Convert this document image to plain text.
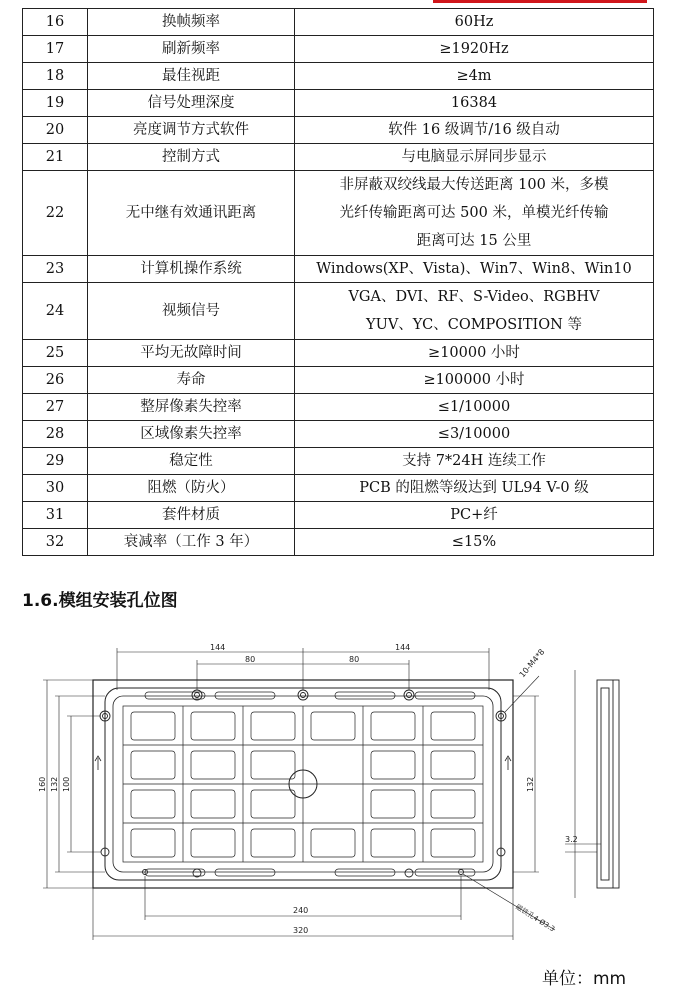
16	换帧频率	60Hz
17	刷新频率	≥1920Hz
18	最佳视距	≥4m
19	信号处理深度	16384
20	亮度调节方式软件	软件 16 级调节/16 级自动
21	控制方式	与电脑显示屏同步显示
22	无中继有效通讯距离	非屏蔽双绞线最大传送距离 100 米，多模
光纤传输距离可达 500 米，单模光纤传输
距离可达 15 公里

23	计算机操作系统	Windows(XP、Vista)、Win7、Win8、Win10
24	视频信号	VGA、DVI、RF、S-Video、RGBHV
YUV、YC、COMPOSITION 等

25	平均无故障时间	≥10000 小时
26	寿命	≥100000 小时
27	整屏像素失控率	≤1/10000
28	区域像素失控率	≤3/10000
29	稳定性	支持 7*24H 连续工作
30	阻燃（防火）	PCB 的阻燃等级达到 UL94 V-0 级
31	套件材质	PC+纤
32	衰减率（工作 3 年）	≤15%
1.6.模组安装孔位图
144	144
80	80	10-M4*8
160 132 100	132
3.2
240
320	磁铁孔4-Ø3.3
单位：mm
